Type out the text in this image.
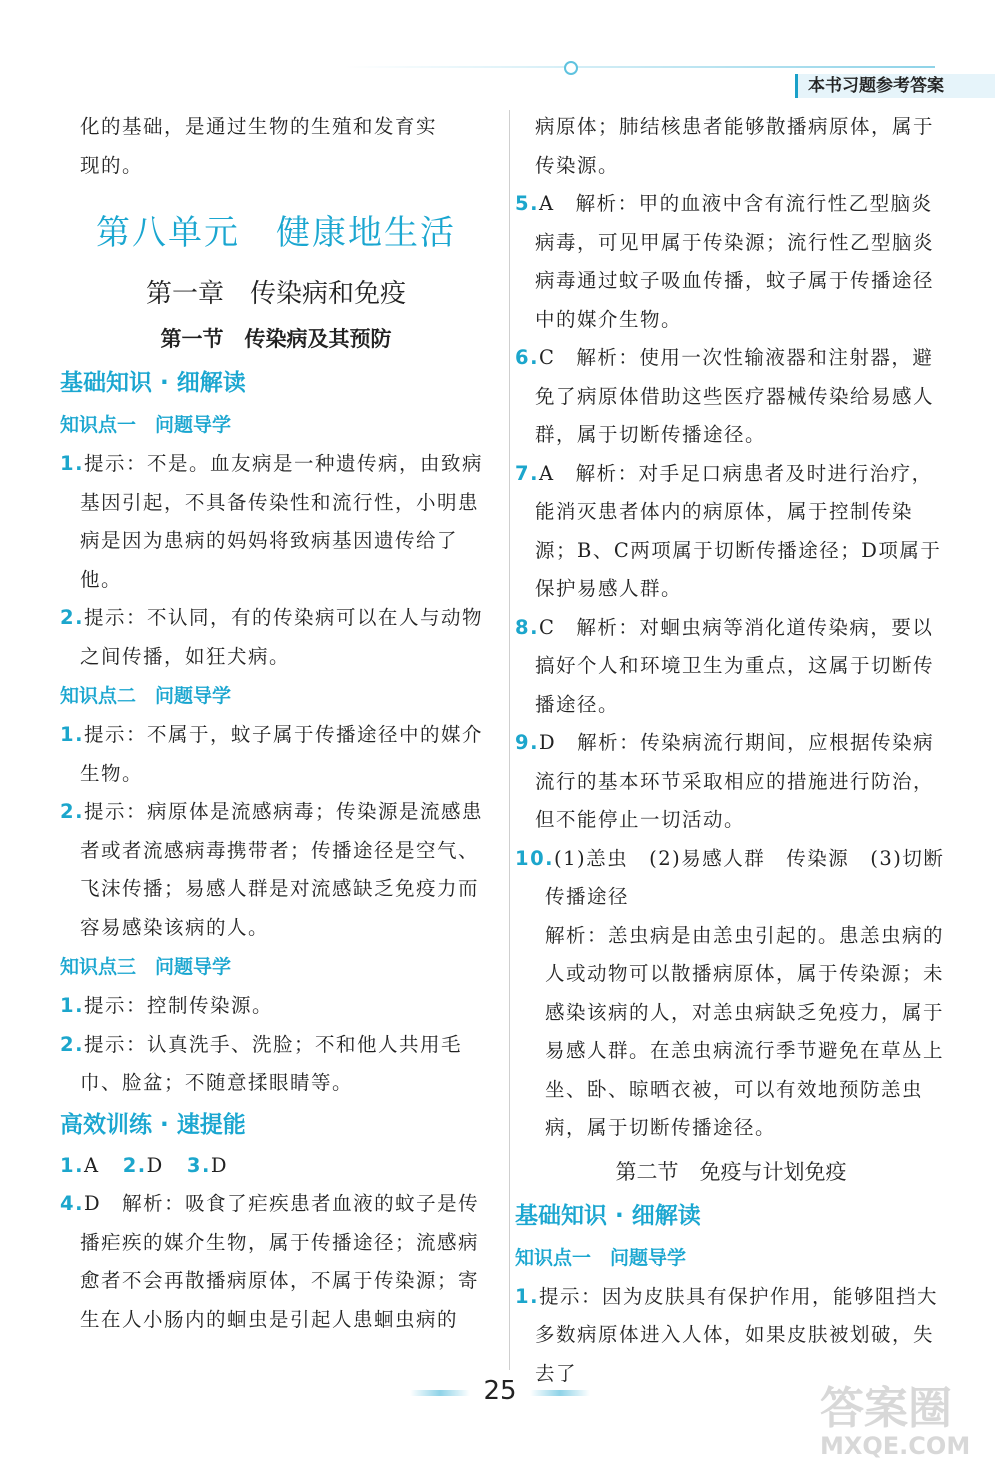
本书习题参考答案

化的基础，是通过生物的生殖和发育实

现的。

第八单元　健康地生活
第一章　传染病和免疫
第一节　传染病及其预防
基础知识 · 细解读
知识点一　问题导学

1.提示：不是。血友病是一种遗传病，由致病基因引起，不具备传染性和流行性，小明患病是因为患病的妈妈将致病基因遗传给了他。

2.提示：不认同，有的传染病可以在人与动物之间传播，如狂犬病。

知识点二　问题导学

1.提示：不属于，蚊子属于传播途径中的媒介生物。

2.提示：病原体是流感病毒；传染源是流感患者或者流感病毒携带者；传播途径是空气、飞沫传播；易感人群是对流感缺乏免疫力而容易感染该病的人。

知识点三　问题导学

1.提示：控制传染源。

2.提示：认真洗手、洗脸；不和他人共用毛巾、脸盆；不随意揉眼睛等。

高效训练 · 速提能

1.A 2.D 3.D

4.D　解析：吸食了疟疾患者血液的蚊子是传播疟疾的媒介生物，属于传播途径；流感病愈者不会再散播病原体，不属于传染源；寄生在人小肠内的蛔虫是引起人患蛔虫病的

病原体；肺结核患者能够散播病原体，属于传染源。

5.A　解析：甲的血液中含有流行性乙型脑炎病毒，可见甲属于传染源；流行性乙型脑炎病毒通过蚊子吸血传播，蚊子属于传播途径中的媒介生物。

6.C　解析：使用一次性输液器和注射器，避免了病原体借助这些医疗器械传染给易感人群，属于切断传播途径。

7.A　解析：对手足口病患者及时进行治疗，能消灭患者体内的病原体，属于控制传染源；B、C两项属于切断传播途径；D项属于保护易感人群。

8.C　解析：对蛔虫病等消化道传染病，要以搞好个人和环境卫生为重点，这属于切断传播途径。

9.D　解析：传染病流行期间，应根据传染病流行的基本环节采取相应的措施进行防治，但不能停止一切活动。

10.(1)恙虫　(2)易感人群　传染源　(3)切断传播途径

解析：恙虫病是由恙虫引起的。患恙虫病的人或动物可以散播病原体，属于传染源；未感染该病的人，对恙虫病缺乏免疫力，属于易感人群。在恙虫病流行季节避免在草丛上坐、卧、晾晒衣被，可以有效地预防恙虫病，属于切断传播途径。

第二节　免疫与计划免疫
基础知识 · 细解读
知识点一　问题导学

1.提示：因为皮肤具有保护作用，能够阻挡大多数病原体进入人体，如果皮肤被划破，失去了

25	答案圈
MXQE.COM
